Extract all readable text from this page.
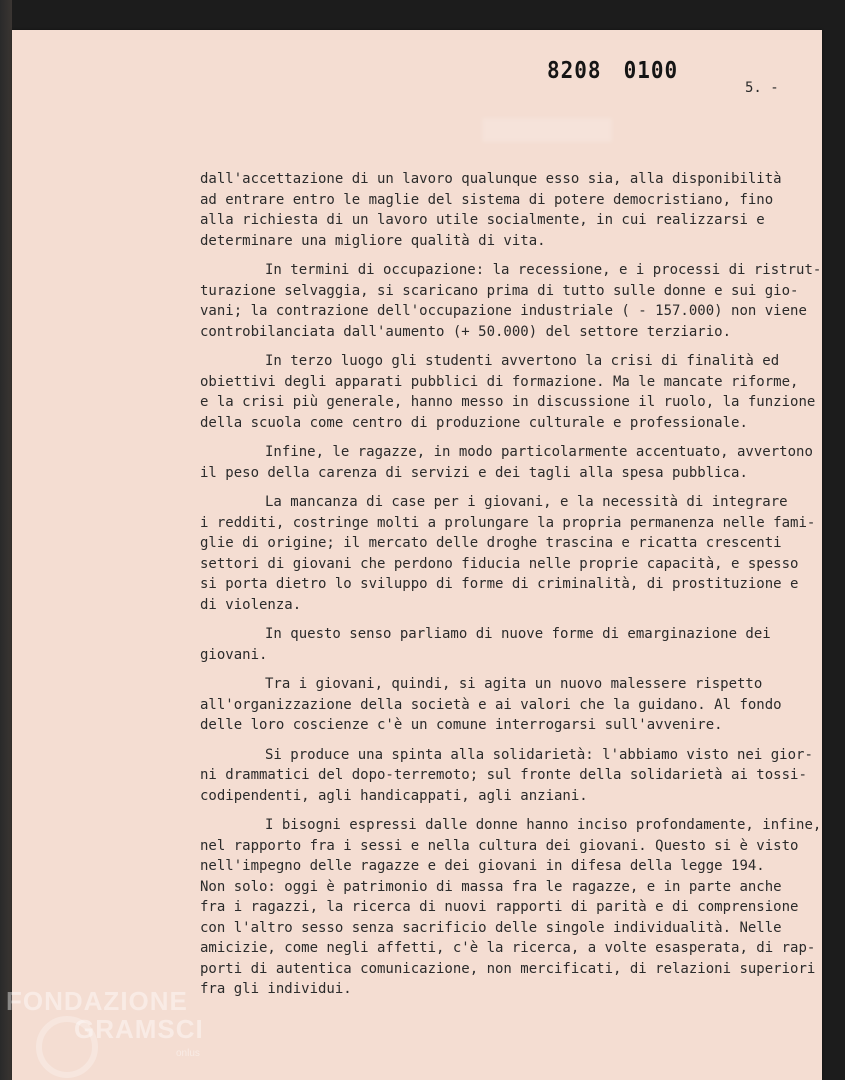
8208 0100
5. -
dall'accettazione di un lavoro qualunque esso sia, alla disponibilità
ad entrare entro le maglie del sistema di potere democristiano, fino
alla richiesta di un lavoro utile socialmente, in cui realizzarsi e
determinare una migliore qualità di vita.
In termini di occupazione: la recessione, e i processi di ristrut-
turazione selvaggia, si scaricano prima di tutto sulle donne e sui gio-
vani; la contrazione dell'occupazione industriale ( - 157.000) non viene
controbilanciata dall'aumento (+ 50.000) del settore terziario.
In terzo luogo gli studenti avvertono la crisi di finalità ed
obiettivi degli apparati pubblici di formazione. Ma le mancate riforme,
e la crisi più generale, hanno messo in discussione il ruolo, la funzione
della scuola come centro di produzione culturale e professionale.
Infine, le ragazze, in modo particolarmente accentuato, avvertono
il peso della carenza di servizi e dei tagli alla spesa pubblica.
La mancanza di case per i giovani, e la necessità di integrare
i redditi, costringe molti a prolungare la propria permanenza nelle fami-
glie di origine; il mercato delle droghe trascina e ricatta crescenti
settori di giovani che perdono fiducia nelle proprie capacità, e spesso
si porta dietro lo sviluppo di forme di criminalità, di prostituzione e
di violenza.
In questo senso parliamo di nuove forme di emarginazione dei
giovani.
Tra i giovani, quindi, si agita un nuovo malessere rispetto
all'organizzazione della società e ai valori che la guidano. Al fondo
delle loro coscienze c'è un comune interrogarsi sull'avvenire.
Si produce una spinta alla solidarietà: l'abbiamo visto nei gior-
ni drammatici del dopo-terremoto; sul fronte della solidarietà ai tossi-
codipendenti, agli handicappati, agli anziani.
I bisogni espressi dalle donne hanno inciso profondamente, infine,
nel rapporto fra i sessi e nella cultura dei giovani. Questo si è visto
nell'impegno delle ragazze e dei giovani in difesa della legge 194.
Non solo: oggi è patrimonio di massa fra le ragazze, e in parte anche
fra i ragazzi, la ricerca di nuovi rapporti di parità e di comprensione
con l'altro sesso senza sacrificio delle singole individualità. Nelle
amicizie, come negli affetti, c'è la ricerca, a volte esasperata, di rap-
porti di autentica comunicazione, non mercificati, di relazioni superiori
fra gli individui.
FONDAZIONE
GRAMSCI
onlus
